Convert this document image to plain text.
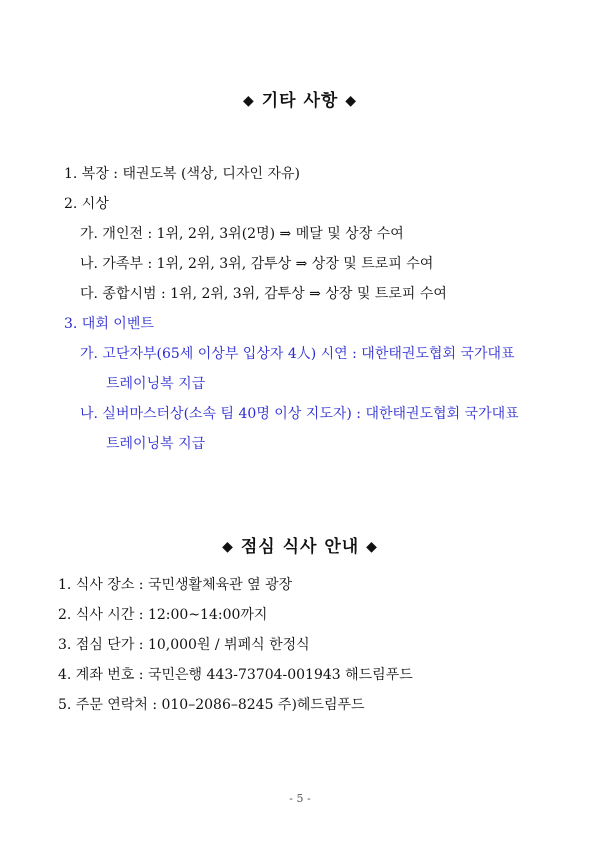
◆ 기타 사항 ◆
1. 복장 : 태권도복 (색상, 디자인 자유)
2. 시상
가. 개인전 : 1위, 2위, 3위(2명) ⇒ 메달 및 상장 수여
나. 가족부 : 1위, 2위, 3위, 감투상 ⇒ 상장 및 트로피 수여
다. 종합시범 : 1위, 2위, 3위, 감투상 ⇒ 상장 및 트로피 수여
3. 대회 이벤트
가. 고단자부(65세 이상부 입상자 4人) 시연 : 대한태권도협회 국가대표
트레이닝복 지급
나. 실버마스터상(소속 팀 40명 이상 지도자) : 대한태권도협회 국가대표
트레이닝복 지급
◆ 점심 식사 안내 ◆
1. 식사 장소 : 국민생활체육관 옆 광장
2. 식사 시간 : 12:00~14:00까지
3. 점심 단가 : 10,000원 / 뷔페식 한정식
4. 계좌 번호 : 국민은행 443-73704-001943 해드림푸드
5. 주문 연락처 : 010–2086–8245 주)헤드림푸드
- 5 -
